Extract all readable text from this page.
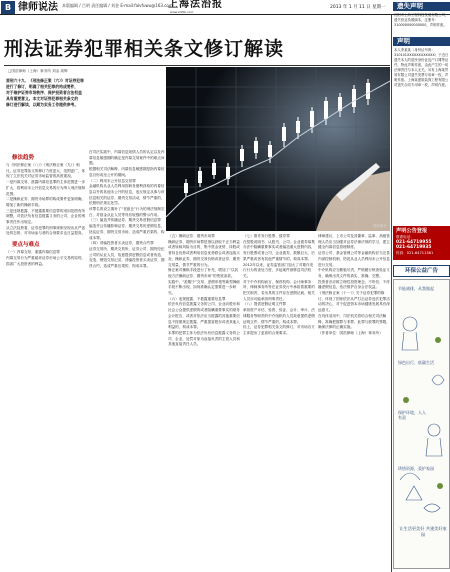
B 律师说法 本版编辑 / 吕明 责任编辑 / 刘金 E-mail:falvfuwu@163.com
上海法治报
www.shfzb.com
2013 年 1 月 11 日 星期一
刑法证券犯罪相关条文修订解读
□国浩律师（上海）事务所 刘金 周辉
资料图片
原刑六十九、《刑法修正案（六）》对证券犯罪
进行了修订，明确了相关犯罪的构成要件，
对于维护证券市场秩序、保护投资者合法权益
具有重要意义。本文对证券犯罪相关条文的
修订进行解读，以期为实务工作提供参考。
修法趋势

与《刑法修正案（八）》《刑法修正案（九）》相比，证券犯罪条文的修订力度更大，范围更广，体现了立法机关对证券市场监管的高度重视。

一是内幕交易、泄露内幕信息罪的主体范围进一步扩大，将利用未公开信息交易的行为纳入刑法规制范围。

二是操纵证券、期货市场罪的构成要件更加明确，增加了新的操纵手段。

三是违规披露、不披露重要信息罪的适用范围有所调整，对依法负有信息披露义务的公司、企业的刑事责任作出规定。

从立法趋势看，证券犯罪的刑事规制呈现出从严惩处的态势，对市场参与者的合规要求也日益提高。

要点与难点

（一）内幕交易、泄露内幕信息罪

内幕交易行为严重破坏证券市场公平交易的原则，损害广大投资者的利益。

在司法实践中，内幕信息知情人员的认定以及内幕信息敏感期的确定是内幕交易案件中的难点问题。

根据相关司法解释，内幕信息敏感期是指内幕信息自形成至公开的期间。

（二）利用未公开信息交易罪

金融机构从业人员利用因职务便利获取的内幕信息以外的其他未公开的信息，违反规定从事与该信息相关的证券、期货交易活动，情节严重的，依照刑法规定处罚。

该罪名的设立填补了“老鼠仓”行为的刑法规制空白，对基金从业人员等具有较强的警示作用。

（三）编造并传播证券、期货交易虚假信息罪

编造并且传播影响证券、期货交易的虚假信息，扰乱证券、期货交易市场，造成严重后果的，构成本罪。

（四）诱骗投资者买卖证券、期货合约罪

证券交易所、期货交易所、证券公司、期货经纪公司的从业人员，故意提供虚假信息或者伪造、变造、销毁交易记录，诱骗投资者买卖证券、期货合约，造成严重后果的，构成本罪。

（五）操纵证券、期货市场罪

操纵证券、期货市场罪是指以获取不正当利益或者转嫁风险为目的，集中资金优势、持股或者持仓优势或者利用信息优势联合或者连续买卖，操纵证券、期货交易价格或者证券、期货交易量，情节严重的行为。

修正案对操纵手段进行了补充，增加了“以其他方法操纵证券、期货市场”的兜底条款。

实践中，“抢帽子”交易、虚假申报等新型操纵手段不断出现，如何准确认定需要进一步研究。

（六）违规披露、不披露重要信息罪

依法负有信息披露义务的公司、企业向股东和社会公众提供虚假的或者隐瞒重要事实的财务会计报告，或者对依法应当披露的其他重要信息不按照规定披露，严重损害股东或者其他人利益的，构成本罪。

本罪的犯罪主体为依法负有信息披露义务的公司、企业，处罚对象为直接负责的主管人员和其他直接责任人员。

（七）欺诈发行股票、债券罪

在招股说明书、认股书、公司、企业债券募集办法中隐瞒重要事实或者编造重大虚假内容，发行股票或者公司、企业债券，数额巨大、后果严重或者有其他严重情节的，构成本罪。

2012年以来，证券监管部门加大了对欺诈发行行为的查处力度，多起案件被移送司法机关。

对于中介机构而言，保荐机构、会计师事务所、律师事务所等在证券发行中承担着重要的把关职责，若出具的文件存在虚假记载，相关人员亦可能承担刑事责任。

（八）提供虚假证明文件罪

承担资产评估、验资、验证、会计、审计、法律服务等职责的中介组织的人员故意提供虚假证明文件，情节严重的，构成本罪。

综上，证券犯罪相关条文的修订，对市场各方主体提出了更高的合规要求。

律师建议，上市公司及其董事、监事、高级管理人员应当加强对证券法律法规的学习，建立健全内幕信息管理制度。

证券公司、基金管理公司等金融机构应当完善内部控制机制，防范从业人员利用未公开信息进行交易。

中介机构应当勤勉尽责，严格履行核查验证义务，确保出具文件的真实、准确、完整。

投资者亦应树立理性投资理念，不听信、不传播虚假信息，依法维护自身合法权益。

《刑法修正案（十一）》关于证券犯罪的修订，体现了国家依法从严打击证券违法犯罪活动的决心，对于促进资本市场健康发展具有深远意义。

在具体适用中，司法机关将结合相关司法解释，准确把握罪与非罪、此罪与彼罪的界限，确保法律的正确实施。

（作者单位：国浩律师（上海）事务所）

遗失声明
沈阳市上海工程科技发展有限公司，遗失营业执照副本，注册号：310000000000000，声明作废。
声明
本人李某某（身份证号码：310101XXXXXXXXXXXX）于近日遗失本人的居民身份证及户口簿等证件，特此声明作废，由此产生的一切法律责任与本人无关。另有上海某贸易有限公司遗失发票专用章一枚，声明作废。上海某建筑装饰工程有限公司遗失合同专用章一枚，声明作废。
声明公告登报
联系电话：
021-64719955
021-64719935
传真：021-64711361
环保公益广告
节能减排，从我做起
绿色出行，低碳生活
保护环境，人人有责
珍惜资源，爱护家园
让生活更美好 共建美好家园
